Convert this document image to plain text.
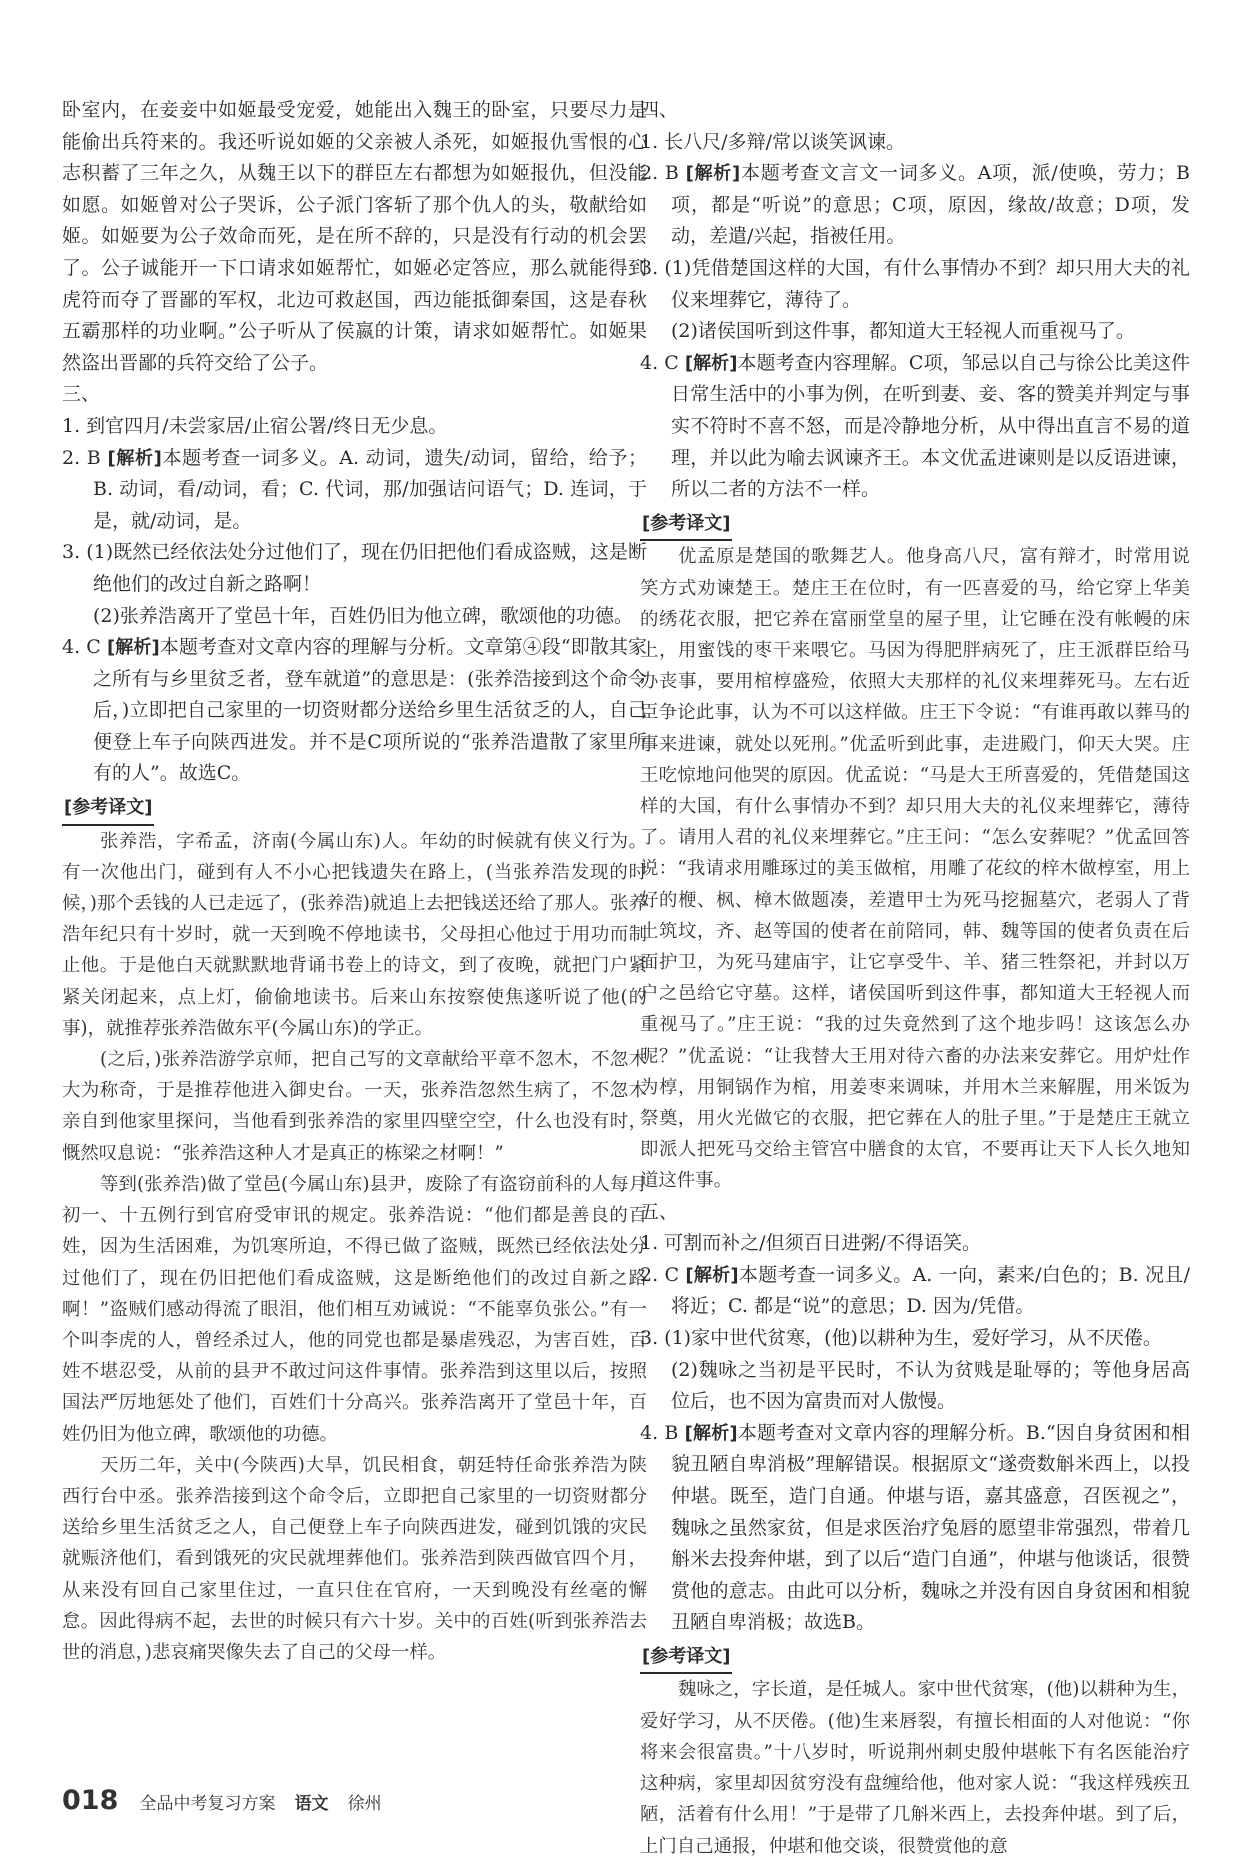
卧室内，在妾妾中如姬最受宠爱，她能出入魏王的卧室，只要尽力是能偷出兵符来的。我还听说如姬的父亲被人杀死，如姬报仇雪恨的心志积蓄了三年之久，从魏王以下的群臣左右都想为如姬报仇，但没能如愿。如姬曾对公子哭诉，公子派门客斩了那个仇人的头，敬献给如姬。如姬要为公子效命而死，是在所不辞的，只是没有行动的机会罢了。公子诚能开一下口请求如姬帮忙，如姬必定答应，那么就能得到虎符而夺了晋鄙的军权，北边可救赵国，西边能抵御秦国，这是春秋五霸那样的功业啊。”公子听从了侯嬴的计策，请求如姬帮忙。如姬果然盗出晋鄙的兵符交给了公子。

三、

1. 到官四月/未尝家居/止宿公署/终日无少息。

2. B [解析]本题考查一词多义。A. 动词，遗失/动词，留给，给予；B. 动词，看/动词，看；C. 代词，那/加强诘问语气；D. 连词，于是，就/动词，是。

3. (1)既然已经依法处分过他们了，现在仍旧把他们看成盗贼，这是断绝他们的改过自新之路啊！

(2)张养浩离开了堂邑十年，百姓仍旧为他立碑，歌颂他的功德。

4. C [解析]本题考查对文章内容的理解与分析。文章第④段“即散其家之所有与乡里贫乏者，登车就道”的意思是：(张养浩接到这个命令后，)立即把自己家里的一切资财都分送给乡里生活贫乏的人，自己便登上车子向陕西进发。并不是C项所说的“张养浩遣散了家里所有的人”。故选C。

[参考译文]

张养浩，字希孟，济南(今属山东)人。年幼的时候就有侠义行为。有一次他出门，碰到有人不小心把钱遗失在路上，(当张养浩发现的时候，)那个丢钱的人已走远了，(张养浩)就追上去把钱送还给了那人。张养浩年纪只有十岁时，就一天到晚不停地读书，父母担心他过于用功而制止他。于是他白天就默默地背诵书卷上的诗文，到了夜晚，就把门户紧紧关闭起来，点上灯，偷偷地读书。后来山东按察使焦遂听说了他(的事)，就推荐张养浩做东平(今属山东)的学正。

(之后，)张养浩游学京师，把自己写的文章献给平章不忽木，不忽木大为称奇，于是推荐他进入御史台。一天，张养浩忽然生病了，不忽木亲自到他家里探问，当他看到张养浩的家里四壁空空，什么也没有时，慨然叹息说：“张养浩这种人才是真正的栋梁之材啊！”

等到(张养浩)做了堂邑(今属山东)县尹，废除了有盗窃前科的人每月初一、十五例行到官府受审讯的规定。张养浩说：“他们都是善良的百姓，因为生活困难，为饥寒所迫，不得已做了盗贼，既然已经依法处分过他们了，现在仍旧把他们看成盗贼，这是断绝他们的改过自新之路啊！”盗贼们感动得流了眼泪，他们相互劝诫说：“不能辜负张公。”有一个叫李虎的人，曾经杀过人，他的同党也都是暴虐残忍，为害百姓，百姓不堪忍受，从前的县尹不敢过问这件事情。张养浩到这里以后，按照国法严厉地惩处了他们，百姓们十分高兴。张养浩离开了堂邑十年，百姓仍旧为他立碑，歌颂他的功德。

天历二年，关中(今陕西)大旱，饥民相食，朝廷特任命张养浩为陕西行台中丞。张养浩接到这个命令后，立即把自己家里的一切资财都分送给乡里生活贫乏之人，自己便登上车子向陕西进发，碰到饥饿的灾民就赈济他们，看到饿死的灾民就埋葬他们。张养浩到陕西做官四个月，从来没有回自己家里住过，一直只住在官府，一天到晚没有丝毫的懈怠。因此得病不起，去世的时候只有六十岁。关中的百姓(听到张养浩去世的消息，)悲哀痛哭像失去了自己的父母一样。

四、

1. 长八尺/多辩/常以谈笑讽谏。

2. B [解析]本题考查文言文一词多义。A项，派/使唤，劳力；B项，都是“听说”的意思；C项，原因，缘故/故意；D项，发动，差遣/兴起，指被任用。

3. (1)凭借楚国这样的大国，有什么事情办不到？却只用大夫的礼仪来埋葬它，薄待了。

(2)诸侯国听到这件事，都知道大王轻视人而重视马了。

4. C [解析]本题考查内容理解。C项，邹忌以自己与徐公比美这件日常生活中的小事为例，在听到妻、妾、客的赞美并判定与事实不符时不喜不怒，而是冷静地分析，从中得出直言不易的道理，并以此为喻去讽谏齐王。本文优孟进谏则是以反语进谏，所以二者的方法不一样。

[参考译文]

优孟原是楚国的歌舞艺人。他身高八尺，富有辩才，时常用说笑方式劝谏楚王。楚庄王在位时，有一匹喜爱的马，给它穿上华美的绣花衣服，把它养在富丽堂皇的屋子里，让它睡在没有帐幔的床上，用蜜饯的枣干来喂它。马因为得肥胖病死了，庄王派群臣给马办丧事，要用棺椁盛殓，依照大夫那样的礼仪来埋葬死马。左右近臣争论此事，认为不可以这样做。庄王下令说：“有谁再敢以葬马的事来进谏，就处以死刑。”优孟听到此事，走进殿门，仰天大哭。庄王吃惊地问他哭的原因。优孟说：“马是大王所喜爱的，凭借楚国这样的大国，有什么事情办不到？却只用大夫的礼仪来埋葬它，薄待了。请用人君的礼仪来埋葬它。”庄王问：“怎么安葬呢？”优孟回答说：“我请求用雕琢过的美玉做棺，用雕了花纹的梓木做椁室，用上好的楩、枫、樟木做题凑，差遣甲士为死马挖掘墓穴，老弱人了背土筑坟，齐、赵等国的使者在前陪同，韩、魏等国的使者负责在后面护卫，为死马建庙宇，让它享受牛、羊、猪三牲祭祀，并封以万户之邑给它守墓。这样，诸侯国听到这件事，都知道大王轻视人而重视马了。”庄王说：“我的过失竟然到了这个地步吗！这该怎么办呢？”优孟说：“让我替大王用对待六畜的办法来安葬它。用炉灶作为椁，用铜锅作为棺，用姜枣来调味，并用木兰来解腥，用米饭为祭奠，用火光做它的衣服，把它葬在人的肚子里。”于是楚庄王就立即派人把死马交给主管宫中膳食的太官，不要再让天下人长久地知道这件事。

五、

1. 可割而补之/但须百日进粥/不得语笑。

2. C [解析]本题考查一词多义。A. 一向，素来/白色的；B. 况且/将近；C. 都是“说”的意思；D. 因为/凭借。

3. (1)家中世代贫寒，(他)以耕种为生，爱好学习，从不厌倦。

(2)魏咏之当初是平民时，不认为贫贱是耻辱的；等他身居高位后，也不因为富贵而对人傲慢。

4. B [解析]本题考查对文章内容的理解分析。B.“因自身贫困和相貌丑陋自卑消极”理解错误。根据原文“遂赍数斛米西上，以投仲堪。既至，造门自通。仲堪与语，嘉其盛意，召医视之”，魏咏之虽然家贫，但是求医治疗兔唇的愿望非常强烈，带着几斛米去投奔仲堪，到了以后“造门自通”，仲堪与他谈话，很赞赏他的意志。由此可以分析，魏咏之并没有因自身贫困和相貌丑陋自卑消极；故选B。

[参考译文]

魏咏之，字长道，是任城人。家中世代贫寒，(他)以耕种为生，爱好学习，从不厌倦。(他)生来唇裂，有擅长相面的人对他说：“你将来会很富贵。”十八岁时，听说荆州刺史殷仲堪帐下有名医能治疗这种病，家里却因贫穷没有盘缠给他，他对家人说：“我这样残疾丑陋，活着有什么用！”于是带了几斛米西上，去投奔仲堪。到了后，上门自己通报，仲堪和他交谈，很赞赏他的意

018 全品中考复习方案 语文 徐州
